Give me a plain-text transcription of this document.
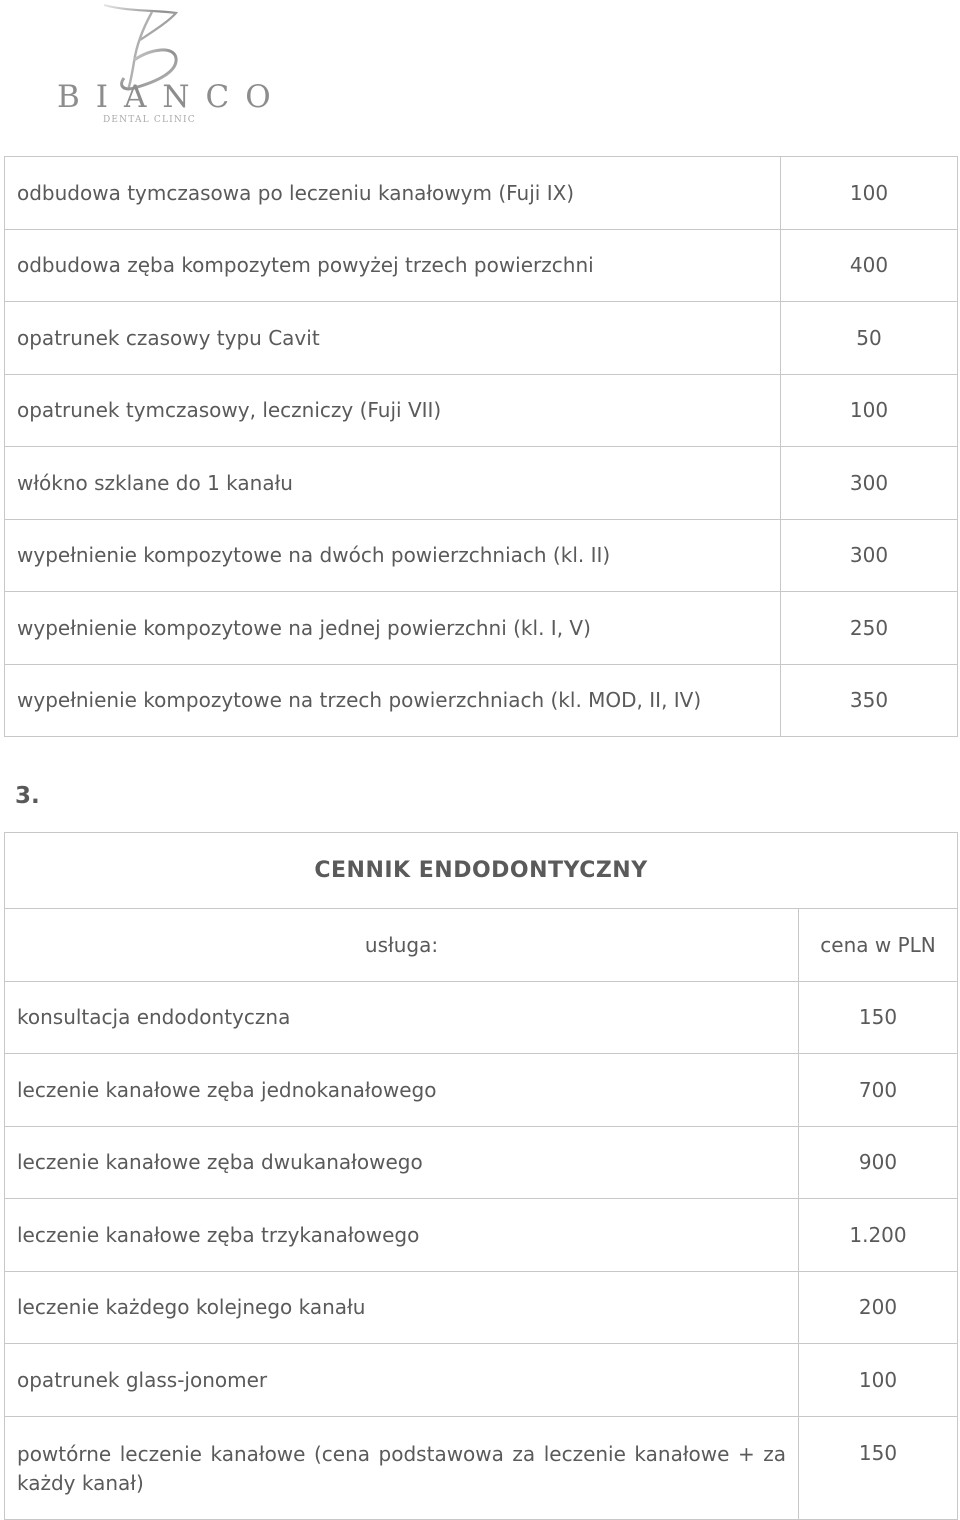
BIANCO
DENTAL CLINIC
odbudowa tymczasowa po leczeniu kanałowym (Fuji IX)	100
odbudowa zęba kompozytem powyżej trzech powierzchni	400
opatrunek czasowy typu Cavit	50
opatrunek tymczasowy, leczniczy (Fuji VII)	100
włókno szklane do 1 kanału	300
wypełnienie kompozytowe na dwóch powierzchniach (kl. II)	300
wypełnienie kompozytowe na jednej powierzchni (kl. I, V)	250
wypełnienie kompozytowe na trzech powierzchniach (kl. MOD, II, IV)	350
3.
CENNIK ENDODONTYCZNY	
usługa:	cena w PLN
konsultacja endodontyczna	150
leczenie kanałowe zęba jednokanałowego	700
leczenie kanałowe zęba dwukanałowego	900
leczenie kanałowe zęba trzykanałowego	1.200
leczenie każdego kolejnego kanału	200
opatrunek glass-jonomer	100
powtórne leczenie kanałowe (cena podstawowa za leczenie kanałowe + za każdy kanał)	150
